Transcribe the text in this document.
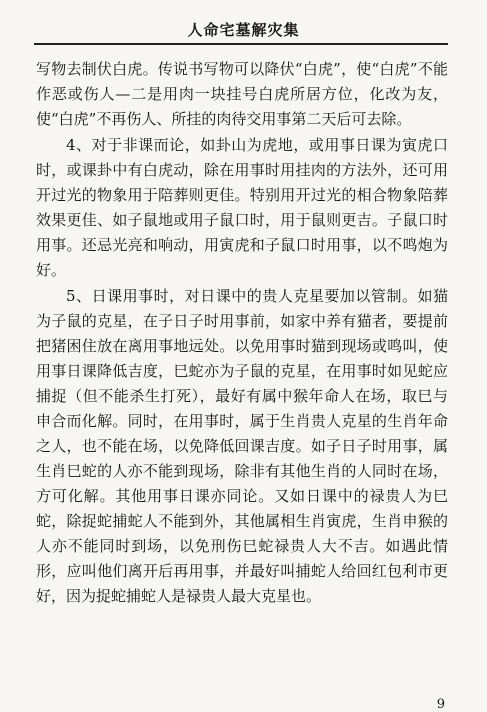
人命宅墓解灾集

写物去制伏白虎。传说书写物可以降伏“白虎”，使“白虎”不能作恶或伤人—二是用肉一块挂号白虎所居方位，化改为友，使“白虎”不再伤人、所挂的肉待交用事第二天后可去除。

4、对于非课而论，如卦山为虎地，或用事日课为寅虎口时，或课卦中有白虎动，除在用事时用挂肉的方法外，还可用开过光的物象用于陪葬则更佳。特别用开过光的相合物象陪葬效果更佳、如子鼠地或用子鼠口时，用于鼠则更吉。子鼠口时用事。还忌光亮和响动，用寅虎和子鼠口时用事，以不鸣炮为好。

5、日课用事时，对日课中的贵人克星要加以管制。如猫为子鼠的克星，在子日子时用事前，如家中养有猫者，要提前把猪困住放在离用事地远处。以免用事时猫到现场或鸣叫，使用事日课降低吉度，巳蛇亦为子鼠的克星，在用事时如见蛇应捕捉（但不能杀生打死），最好有属中猴年命人在场，取巳与申合而化解。同时，在用事时，属于生肖贵人克星的生肖年命之人，也不能在场，以免降低回课吉度。如子日子时用事，属生肖巳蛇的人亦不能到现场，除非有其他生肖的人同时在场，方可化解。其他用事日课亦同论。又如日课中的禄贵人为巳蛇，除捉蛇捕蛇人不能到外，其他属相生肖寅虎，生肖申猴的人亦不能同时到场，以免刑伤巳蛇禄贵人大不吉。如遇此情形，应叫他们离开后再用事，并最好叫捕蛇人给回红包利市更好，因为捉蛇捕蛇人是禄贵人最大克星也。

9
